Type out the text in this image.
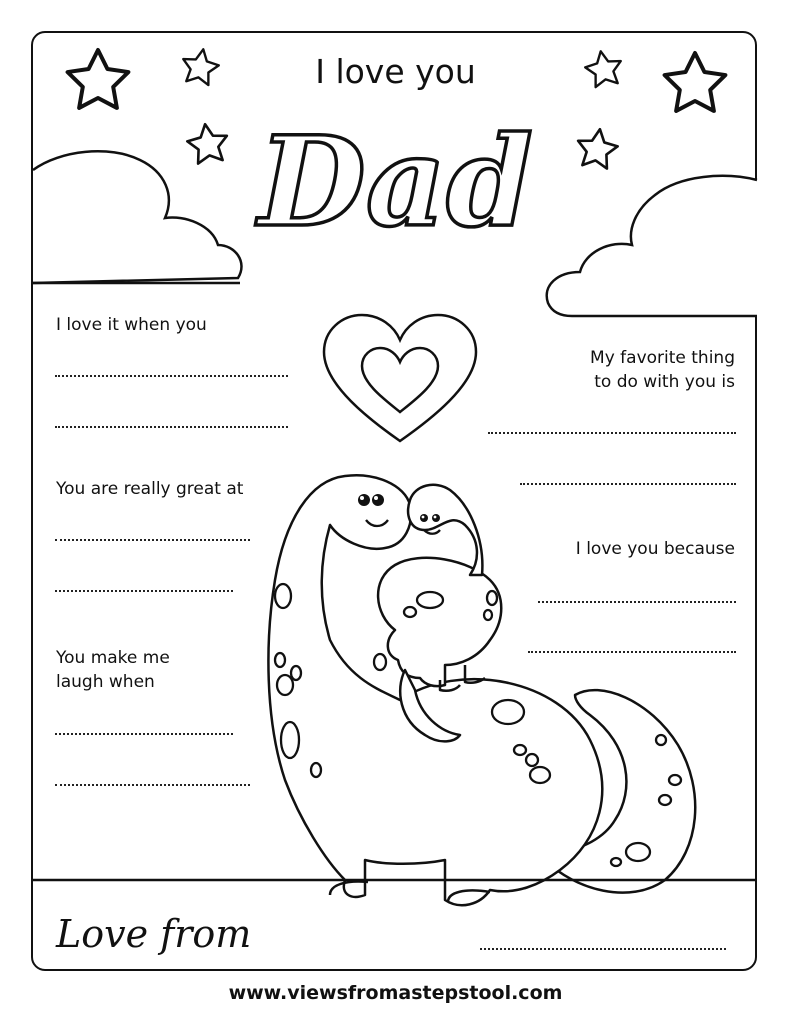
I love you

Dad

I love it when you

You are really great at

You make me

laugh when

My favorite thing

to do with you is

I love you because

Love from

www.viewsfromastepstool.com
